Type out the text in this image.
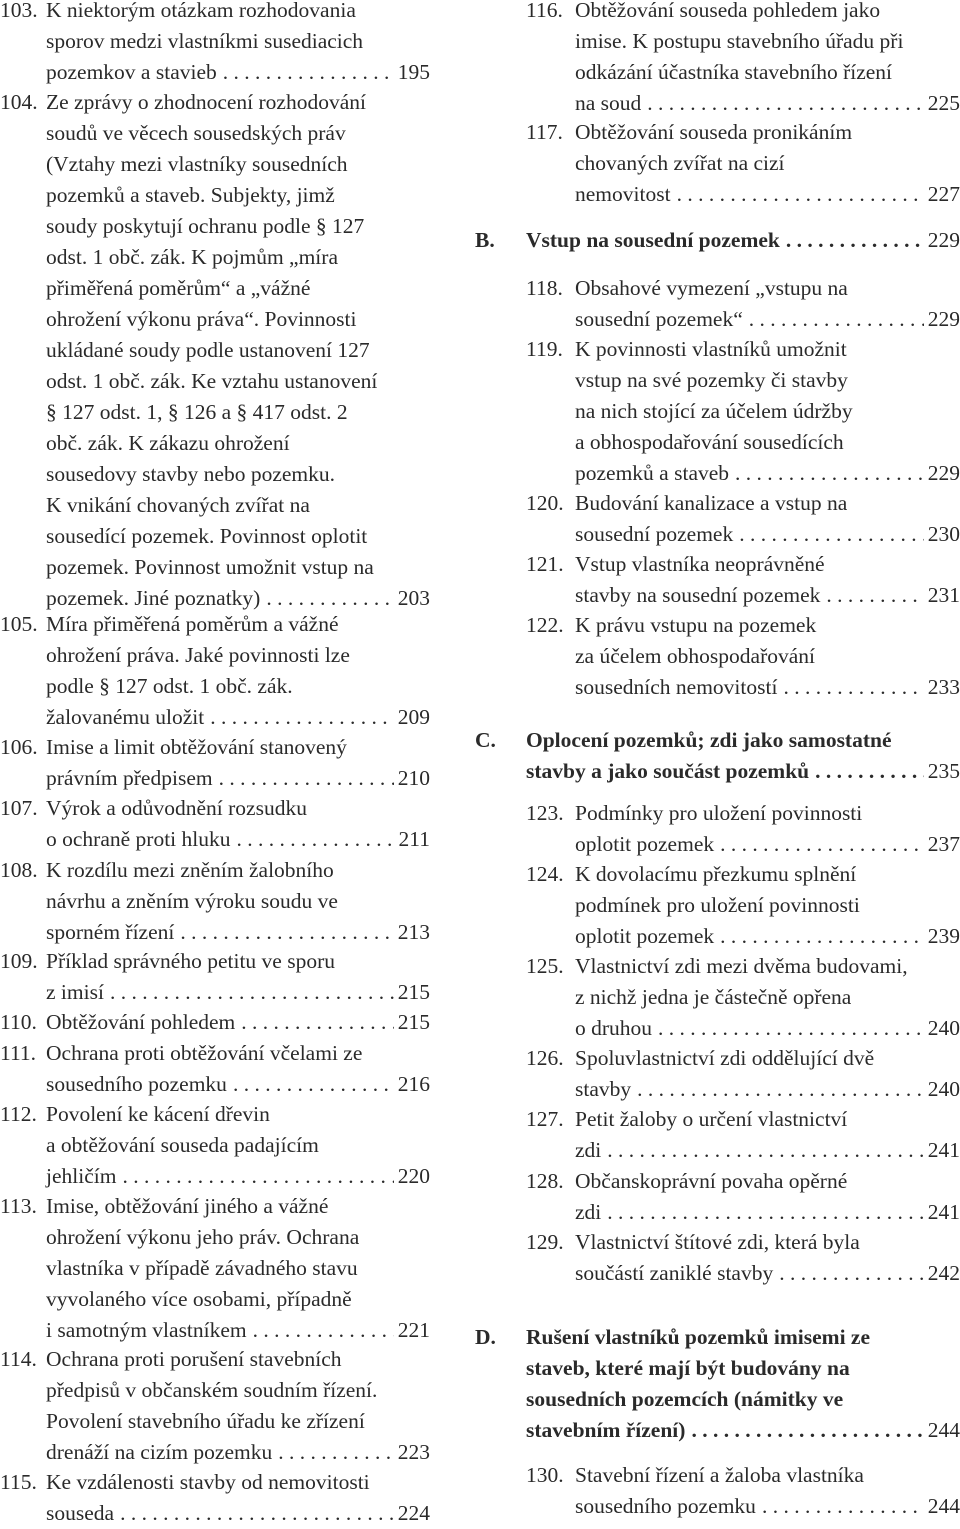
103. K niektorým otázkam rozhodovania
sporov medzi vlastníkmi susediacich
pozemkov a stavieb . . .	195
104. Ze zprávy o zhodnocení rozhodování
soudů ve věcech sousedských práv
(Vztahy mezi vlastníky sousedních
pozemků a staveb. Subjekty, jimž
soudy poskytují ochranu podle § 127
odst. 1 obč. zák. K pojmům „míra
přiměřená poměrům“ a „vážné
ohrožení výkonu práva“. Povinnosti
ukládané soudy podle ustanovení 127
odst. 1 obč. zák. Ke vztahu ustanovení
§ 127 odst. 1, § 126 a § 417 odst. 2
obč. zák. K zákazu ohrožení
sousedovy stavby nebo pozemku.
K vnikání chovaných zvířat na
sousedící pozemek. Povinnost oplotit
pozemek. Povinnost umožnit vstup na
pozemek. Jiné poznatky) . . .	203
105. Míra přiměřená poměrům a vážné
ohrožení práva. Jaké povinnosti lze
podle § 127 odst. 1 obč. zák.
žalovanému uložit . . .	209
106. Imise a limit obtěžování stanovený
právním předpisem . . .	210
107. Výrok a odůvodnění rozsudku
o ochraně proti hluku . . .	211
108. K rozdílu mezi zněním žalobního
návrhu a zněním výroku soudu ve
sporném řízení . . .	213
109. Příklad správného petitu ve sporu
z imisí . . .	215
110. Obtěžování pohledem . . .	215
111. Ochrana proti obtěžování včelami ze
sousedního pozemku . . .	216
112. Povolení ke kácení dřevin
a obtěžování souseda padajícím
jehličím . . .	220
113. Imise, obtěžování jiného a vážné
ohrožení výkonu jeho práv. Ochrana
vlastníka v případě závadného stavu
vyvolaného více osobami, případně
i samotným vlastníkem . . .	221
114. Ochrana proti porušení stavebních
předpisů v občanském soudním řízení.
Povolení stavebního úřadu ke zřízení
drenáží na cizím pozemku . . .	223
115. Ke vzdálenosti stavby od nemovitosti
souseda . . .	224
116. Obtěžování souseda pohledem jako
imise. K postupu stavebního úřadu při
odkázání účastníka stavebního řízení
na soud . . .	225
117. Obtěžování souseda pronikáním
chovaných zvířat na cizí
nemovitost . . .	227
B. Vstup na sousední pozemek . . .	229
118. Obsahové vymezení „vstupu na
sousední pozemek“ . . .	229
119. K povinnosti vlastníků umožnit
vstup na své pozemky či stavby
na nich stojící za účelem údržby
a obhospodařování sousedících
pozemků a staveb . . .	229
120. Budování kanalizace a vstup na
sousední pozemek . . .	230
121. Vstup vlastníka neoprávněné
stavby na sousední pozemek . . .	231
122. K právu vstupu na pozemek
za účelem obhospodařování
sousedních nemovitostí . . .	233
C. Oplocení pozemků; zdi jako samostatné
stavby a jako součást pozemků . . .	235
123. Podmínky pro uložení povinnosti
oplotit pozemek . . .	237
124. K dovolacímu přezkumu splnění
podmínek pro uložení povinnosti
oplotit pozemek . . .	239
125. Vlastnictví zdi mezi dvěma budovami,
z nichž jedna je částečně opřena
o druhou . . .	240
126. Spoluvlastnictví zdi oddělující dvě
stavby . . .	240
127. Petit žaloby o určení vlastnictví
zdi . . .	241
128. Občanskoprávní povaha opěrné
zdi . . .	241
129. Vlastnictví štítové zdi, která byla
součástí zaniklé stavby . . .	242
D. Rušení vlastníků pozemků imisemi ze
staveb, které mají být budovány na
sousedních pozemcích (námitky ve
stavebním řízení) . . .	244
130. Stavební řízení a žaloba vlastníka
sousedního pozemku . . .	244
